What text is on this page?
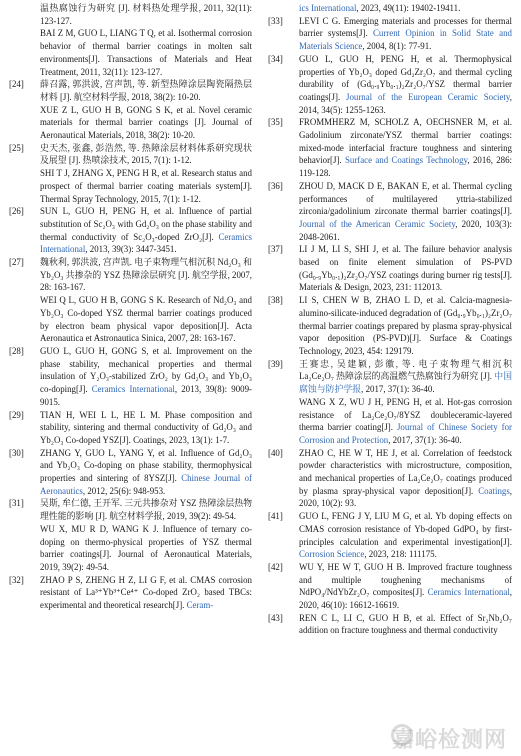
温热腐蚀行为研究 [J]. 材料热处理学报, 2011, 32(11): 123-127.
BAI Z M, GUO L, LIANG T Q, et al. Isothermal corrosion behavior of thermal barrier coatings in molten salt environments[J]. Transactions of Materials and Heat Treatment, 2011, 32(11): 123-127.
[24]	薛召露, 郭洪波, 宫声凯, 等. 新型热障涂层陶瓷隔热层材料 [J]. 航空材料学报, 2018, 38(2): 10-20.
XUE Z L, GUO H B, GONG S K, et al. Novel ceramic materials for thermal barrier coatings [J]. Journal of Aeronautical Materials, 2018, 38(2): 10-20.
[25]	史天杰, 张鑫, 彭浩然, 等. 热障涂层材料体系研究现状及展望 [J]. 热喷涂技术, 2015, 7(1): 1-12.
SHI T J, ZHANG X, PENG H R, et al. Research status and prospect of thermal barrier coating materials system[J]. Thermal Spray Technology, 2015, 7(1): 1-12.
[26]	SUN L, GUO H, PENG H, et al. Influence of partial substitution of Sc₂O₃ with Gd₂O₃ on the phase stability and thermal conductivity of Sc₂O₃-doped ZrO₂[J]. Ceramics International, 2013, 39(3): 3447-3451.
[27]	魏秋利, 郭洪波, 宫声凯. 电子束物理气相沉积 Nd₂O₃ 和 Yb₂O₃ 共掺杂的 YSZ 热障涂层研究 [J]. 航空学报, 2007, 28: 163-167.
WEI Q L, GUO H B, GONG S K. Research of Nd₂O₃ and Yb₂O₃ Co-doped YSZ thermal barrier coatings produced by electron beam physical vapor deposition[J]. Acta Aeronautica et Astronautica Sinica, 2007, 28: 163-167.
[28]	GUO L, GUO H, GONG S, et al. Improvement on the phase stability, mechanical properties and thermal insulation of Y₂O₃-stabilized ZrO₂ by Gd₂O₃ and Yb₂O₃ co-doping[J]. Ceramics International, 2013, 39(8): 9009-9015.
[29]	TIAN H, WEI L L, HE L M. Phase composition and stability, sintering and thermal conductivity of Gd₂O₃ and Yb₂O₃ Co-doped YSZ[J]. Coatings, 2023, 13(1): 1-7.
[30]	ZHANG Y, GUO L, YANG Y, et al. Influence of Gd₂O₃ and Yb₂O₃ Co-doping on phase stability, thermophysical properties and sintering of 8YSZ[J]. Chinese Journal of Aeronautics, 2012, 25(6): 948-953.
[31]	吴斯, 牟仁德, 王开军. 三元共掺杂对 YSZ 热障涂层热物理性能的影响 [J]. 航空材料学报, 2019, 39(2): 49-54.
WU X, MU R D, WANG K J. Influence of ternary co-doping on thermo-physical properties of YSZ thermal barrier coatings[J]. Journal of Aeronautical Materials, 2019, 39(2): 49-54.
[32]	ZHAO P S, ZHENG H Z, LI G F, et al. CMAS corrosion resistant of La³⁺Yb³⁺Ce⁴⁺ Co-doped ZrO₂ based TBCs: experimental and theoretical research[J]. Ceram-
ics International, 2023, 49(11): 19402-19411.
[33]	LEVI C G. Emerging materials and processes for thermal barrier systems[J]. Current Opinion in Solid State and Materials Science, 2004, 8(1): 77-91.
[34]	GUO L, GUO H, PENG H, et al. Thermophysical properties of Yb₂O₃ doped Gd₂Zr₂O₇ and thermal cycling durability of (Gd₀.₉Yb₀.₁)₂Zr₂O₇/YSZ thermal barrier coatings[J]. Journal of the European Ceramic Society, 2014, 34(5): 1255-1263.
[35]	FROMMHERZ M, SCHOLZ A, OECHSNER M, et al. Gadolinium zirconate/YSZ thermal barrier coatings: mixed-mode interfacial fracture toughness and sintering behavior[J]. Surface and Coatings Technology, 2016, 286: 119-128.
[36]	ZHOU D, MACK D E, BAKAN E, et al. Thermal cycling performances of multilayered yttria-stabilized zirconia/gadolinium zirconate thermal barrier coatings[J]. Journal of the American Ceramic Society, 2020, 103(3): 2048-2061.
[37]	LI J M, LI S, SHI J, et al. The failure behavior analysis based on finite element simulation of PS-PVD (Gd₀.₉Yb₀.₁)₂Zr₂O₇/YSZ coatings during burner rig tests[J]. Materials & Design, 2023, 231: 112013.
[38]	LI S, CHEN W B, ZHAO L D, et al. Calcia-magnesia-alumino-silicate-induced degradation of (Gd₀.₉Yb₀.₁)₂Zr₂O₇ thermal barrier coatings prepared by plasma spray-physical vapor deposition (PS-PVD)[J]. Surface & Coatings Technology, 2023, 454: 129179.
[39]	王赛忠, 吴建颖, 彭徽, 等. 电子束物理气相沉积 La₂Ce₂O₇ 热障涂层的高温燃气热腐蚀行为研究 [J]. 中国腐蚀与防护学报, 2017, 37(1): 36-40.
WANG X Z, WU J H, PENG H, et al. Hot-gas corrosion resistance of La₂Ce₂O₇/8YSZ doubleceramic-layered therma barrier coating[J]. Journal of Chinese Society for Corrosion and Protection, 2017, 37(1): 36-40.
[40]	ZHAO C, HE W T, HE J, et al. Correlation of feedstock powder characteristics with microstructure, composition, and mechanical properties of La₂Ce₂O₇ coatings produced by plasma spray-physical vapor deposition[J]. Coatings, 2020, 10(2): 93.
[41]	GUO L, FENG J Y, LIU M G, et al. Yb doping effects on CMAS corrosion resistance of Yb-doped GdPO₄ by first-principles calculation and experimental investigation[J]. Corrosion Science, 2023, 218: 111175.
[42]	WU Y, HE W T, GUO H B. Improved fracture toughness and multiple toughening mechanisms of NdPO₄/NdYbZr₂O₇ composites[J]. Ceramics International, 2020, 46(10): 16612-16619.
[43]	REN C L, LI C, GUO H B, et al. Effect of Sr₂Nb₂O₇ addition on fracture toughness and thermal conductivity
嘉峪检测网
